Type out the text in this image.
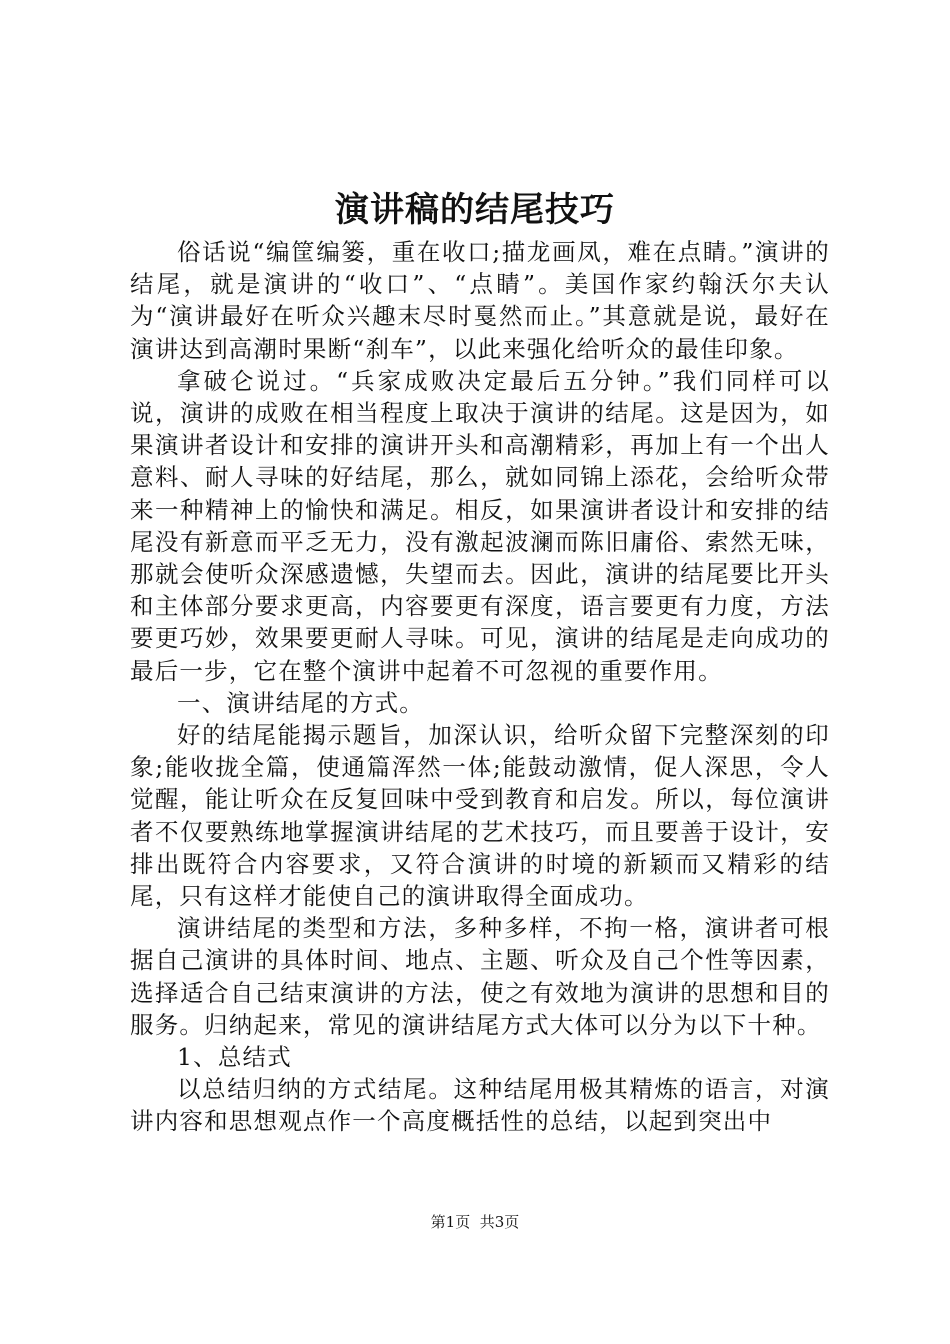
演讲稿的结尾技巧

俗话说“编筐编篓，重在收口;描龙画凤，难在点睛。”演讲的结尾，就是演讲的“收口”、“点睛”。美国作家约翰沃尔夫认为“演讲最好在听众兴趣末尽时戛然而止。”其意就是说，最好在演讲达到高潮时果断“刹车”，以此来强化给听众的最佳印象。

拿破仑说过。“兵家成败决定最后五分钟。”我们同样可以说，演讲的成败在相当程度上取决于演讲的结尾。这是因为，如果演讲者设计和安排的演讲开头和高潮精彩，再加上有一个出人意料、耐人寻味的好结尾，那么，就如同锦上添花，会给听众带来一种精神上的愉快和满足。相反，如果演讲者设计和安排的结尾没有新意而平乏无力，没有激起波澜而陈旧庸俗、索然无味，那就会使听众深感遗憾，失望而去。因此，演讲的结尾要比开头和主体部分要求更高，内容要更有深度，语言要更有力度，方法要更巧妙，效果要更耐人寻味。可见，演讲的结尾是走向成功的最后一步，它在整个演讲中起着不可忽视的重要作用。

一、演讲结尾的方式。

好的结尾能揭示题旨，加深认识，给听众留下完整深刻的印象;能收拢全篇，使通篇浑然一体;能鼓动激情，促人深思，令人觉醒，能让听众在反复回味中受到教育和启发。所以，每位演讲者不仅要熟练地掌握演讲结尾的艺术技巧，而且要善于设计，安排出既符合内容要求，又符合演讲的时境的新颖而又精彩的结尾，只有这样才能使自己的演讲取得全面成功。

演讲结尾的类型和方法，多种多样，不拘一格，演讲者可根据自己演讲的具体时间、地点、主题、听众及自己个性等因素，选择适合自己结束演讲的方法，使之有效地为演讲的思想和目的服务。归纳起来，常见的演讲结尾方式大体可以分为以下十种。

1、总结式

以总结归纳的方式结尾。这种结尾用极其精炼的语言，对演讲内容和思想观点作一个高度概括性的总结，以起到突出中

第1页 共3页
